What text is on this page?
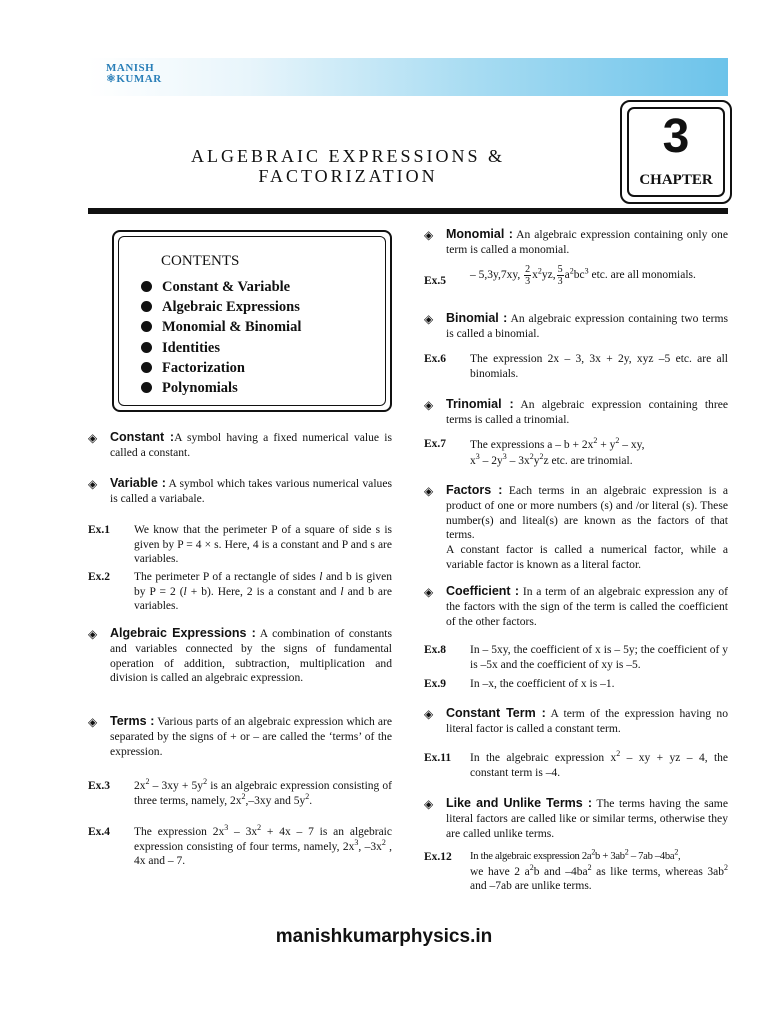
MANISH
⚛KUMAR
3
CHAPTER
ALGEBRAIC EXPRESSIONS &
FACTORIZATION
CONTENTS
Constant & Variable
Algebraic Expressions
Monomial & Binomial
Identities
Factorization
Polynomials
◈ Constant :A symbol having a fixed numerical value is called a constant.
◈ Variable : A symbol which takes various numerical values is called a variabale.
Ex.1 We know that the perimeter P of a square of side s is given by P = 4 × s. Here, 4 is a constant and P and s are variables.
Ex.2 The perimeter P of a rectangle of sides l and b is given by P = 2 (l + b). Here, 2 is a constant and l and b are variables.
◈ Algebraic Expressions : A combination of constants and variables connected by the signs of fundamental operation of addition, subtraction, multiplication and division is called an algebraic expression.
◈ Terms : Various parts of an algebraic expression which are separated by the signs of + or – are called the ‘terms’ of the expression.
Ex.3 $2x^2 - 3xy + 5y^2$ is an algebraic expression consisting of three terms, namely, $2x^2,-3xy$ and $5y^2$.
Ex.4 The expression $2x^3 - 3x^2 + 4x - 7$ is an algebraic expression consisting of four terms, namely, $2x^3$, $-3x^2$ , 4x and – 7.
◈ Monomial : An algebraic expression containing only one term is called a monomial.
Ex.5 – 5,3y,7xy, $\frac{2}{3} x^2yz$, $\frac{5}{3} a^2bc^3$ etc. are all monomials.
◈ Binomial : An algebraic expression containing two terms is called a binomial.
Ex.6 The expression 2x – 3, 3x + 2y, xyz –5 etc. are all binomials.
◈ Trinomial : An algebraic expression containing three terms is called a trinomial.
Ex.7 The expressions $a - b + 2x^2 + y^2$ – xy,
$x^3 - 2y^3 - 3x^2y^2z$ etc. are trinomial.
◈ Factors : Each terms in an algebraic expression is a product of one or more numbers (s) and /or literal (s). These number(s) and liteal(s) are known as the factors of that terms.
A constant factor is called a numerical factor, while a variable factor is known as a literal factor.
◈ Coefficient : In a term of an algebraic expression any of the factors with the sign of the term is called the coefficient of the other factors.
Ex.8 In – 5xy, the coefficient of x is – 5y; the coefficient of y is –5x and the coefficient of xy is –5.
Ex.9 In –x, the coefficient of x is –1.
◈ Constant Term : A term of the expression having no literal factor is called a constant term.
Ex.11 In the algebraic expression $x^2$ – xy + yz – 4, the constant term is –4.
◈ Like and Unlike Terms : The terms having the same literal factors are called like or similar terms, otherwise they are called unlike terms.
Ex.12 In the algebraic exspression $2a^2b + 3ab^2 - 7ab$ $-4ba^2$,
we have 2 $a^2b$ and $-4ba^2$ as like terms, whereas $3ab^2$ and –7ab are unlike terms.
manishkumarphysics.in
